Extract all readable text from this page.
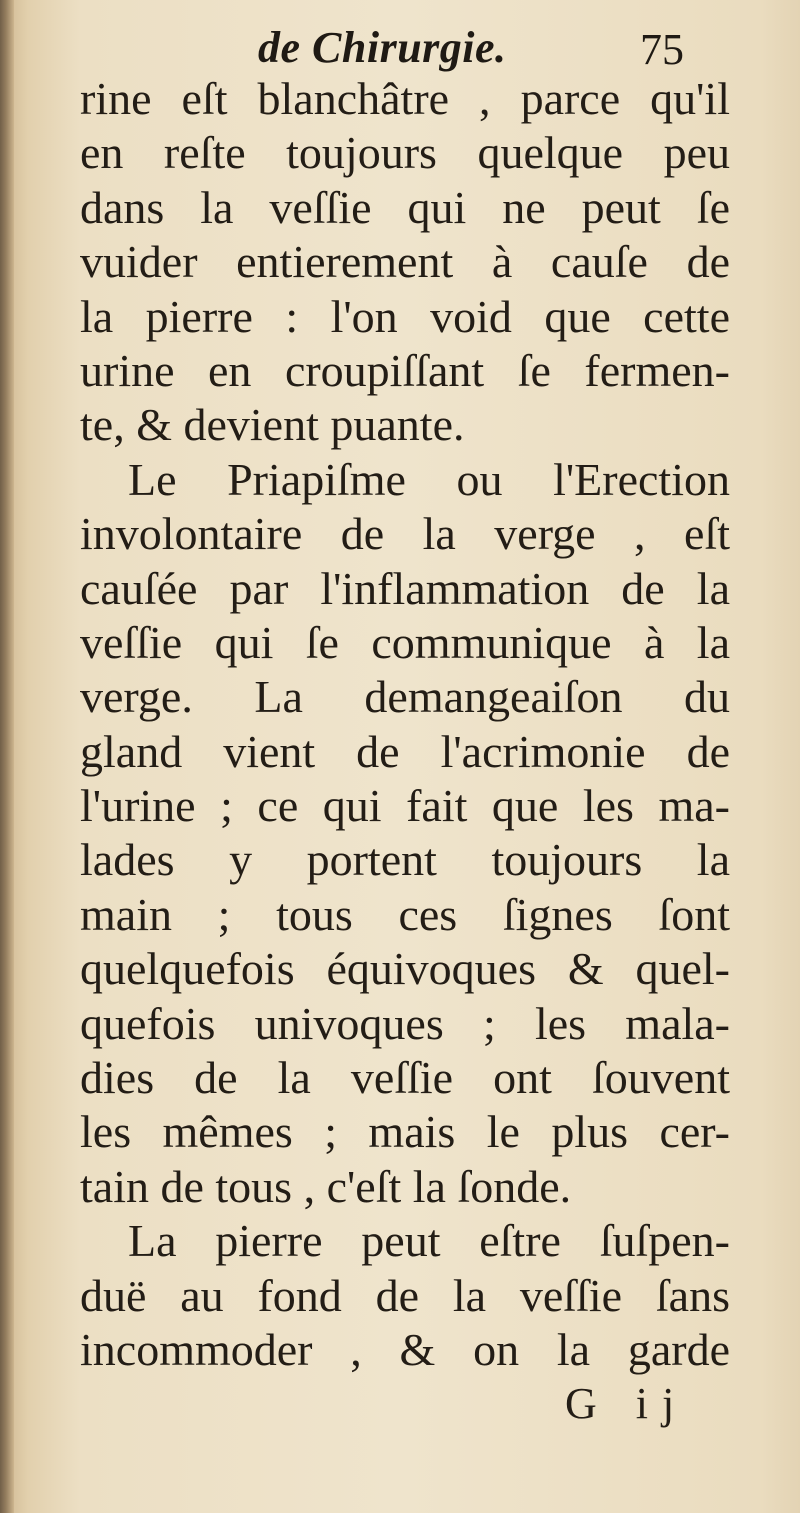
de Chirurgie.	75
rine eſt blanchâtre , parce qu'il
en reſte toujours quelque peu
dans la veſſie qui ne peut ſe
vuider entierement à cauſe de
la pierre : l'on void que cette
urine en croupiſſant ſe fermen-
te, & devient puante.
Le Priapiſme ou l'Erection
involontaire de la verge , eſt
cauſée par l'inflammation de la
veſſie qui ſe communique à la
verge. La demangeaiſon du
gland vient de l'acrimonie de
l'urine ; ce qui fait que les ma-
lades y portent toujours la
main ; tous ces ſignes ſont
quelquefois équivoques & quel-
quefois univoques ; les mala-
dies de la veſſie ont ſouvent
les mêmes ; mais le plus cer-
tain de tous , c'eſt la ſonde.
La pierre peut eſtre ſuſpen-
duë au fond de la veſſie ſans
incommoder , & on la garde
G ij
